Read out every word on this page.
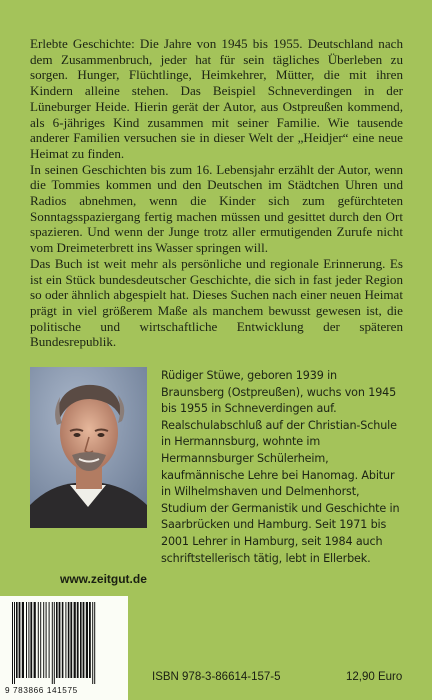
Erlebte Geschichte: Die Jahre von 1945 bis 1955. Deutschland nach dem Zusammenbruch, jeder hat für sein tägliches Überleben zu sorgen. Hunger, Flüchtlinge, Heimkehrer, Mütter, die mit ihren Kindern alleine stehen. Das Beispiel Schneverdingen in der Lüneburger Heide. Hierin gerät der Autor, aus Ostpreußen kommend, als 6-jähriges Kind zusammen mit seiner Familie. Wie tausende anderer Familien versuchen sie in dieser Welt der „Heidjer“ eine neue Heimat zu finden.

In seinen Geschichten bis zum 16. Lebensjahr erzählt der Autor, wenn die Tommies kommen und den Deutschen im Städtchen Uhren und Radios abnehmen, wenn die Kinder sich zum gefürchteten Sonntagsspaziergang fertig machen müssen und gesittet durch den Ort spazieren. Und wenn der Junge trotz aller ermutigenden Zurufe nicht vom Dreimeterbrett ins Wasser springen will.

Das Buch ist weit mehr als persönliche und regionale Erinnerung. Es ist ein Stück bundesdeutscher Geschichte, die sich in fast jeder Region so oder ähnlich abgespielt hat. Dieses Suchen nach einer neuen Heimat prägt in viel größerem Maße als manchem bewusst gewesen ist, die politische und wirtschaftliche Entwicklung der späteren Bundesrepublik.

Rüdiger Stüwe, geboren 1939 in Braunsberg (Ostpreußen), wuchs von 1945 bis 1955 in Schneverdingen auf. Realschulabschluß auf der Christian-Schule in Hermannsburg, wohnte im Hermannsburger Schülerheim, kaufmännische Lehre bei Hanomag. Abitur in Wilhelmshaven und Delmenhorst, Studium der Germanistik und Geschichte in Saarbrücken und Hamburg. Seit 1971 bis 2001 Lehrer in Hamburg, seit 1984 auch schriftstellerisch tätig, lebt in Ellerbek.
www.zeitgut.de
9 783866 141575
ISBN 978-3-86614-157-5	12,90 Euro
